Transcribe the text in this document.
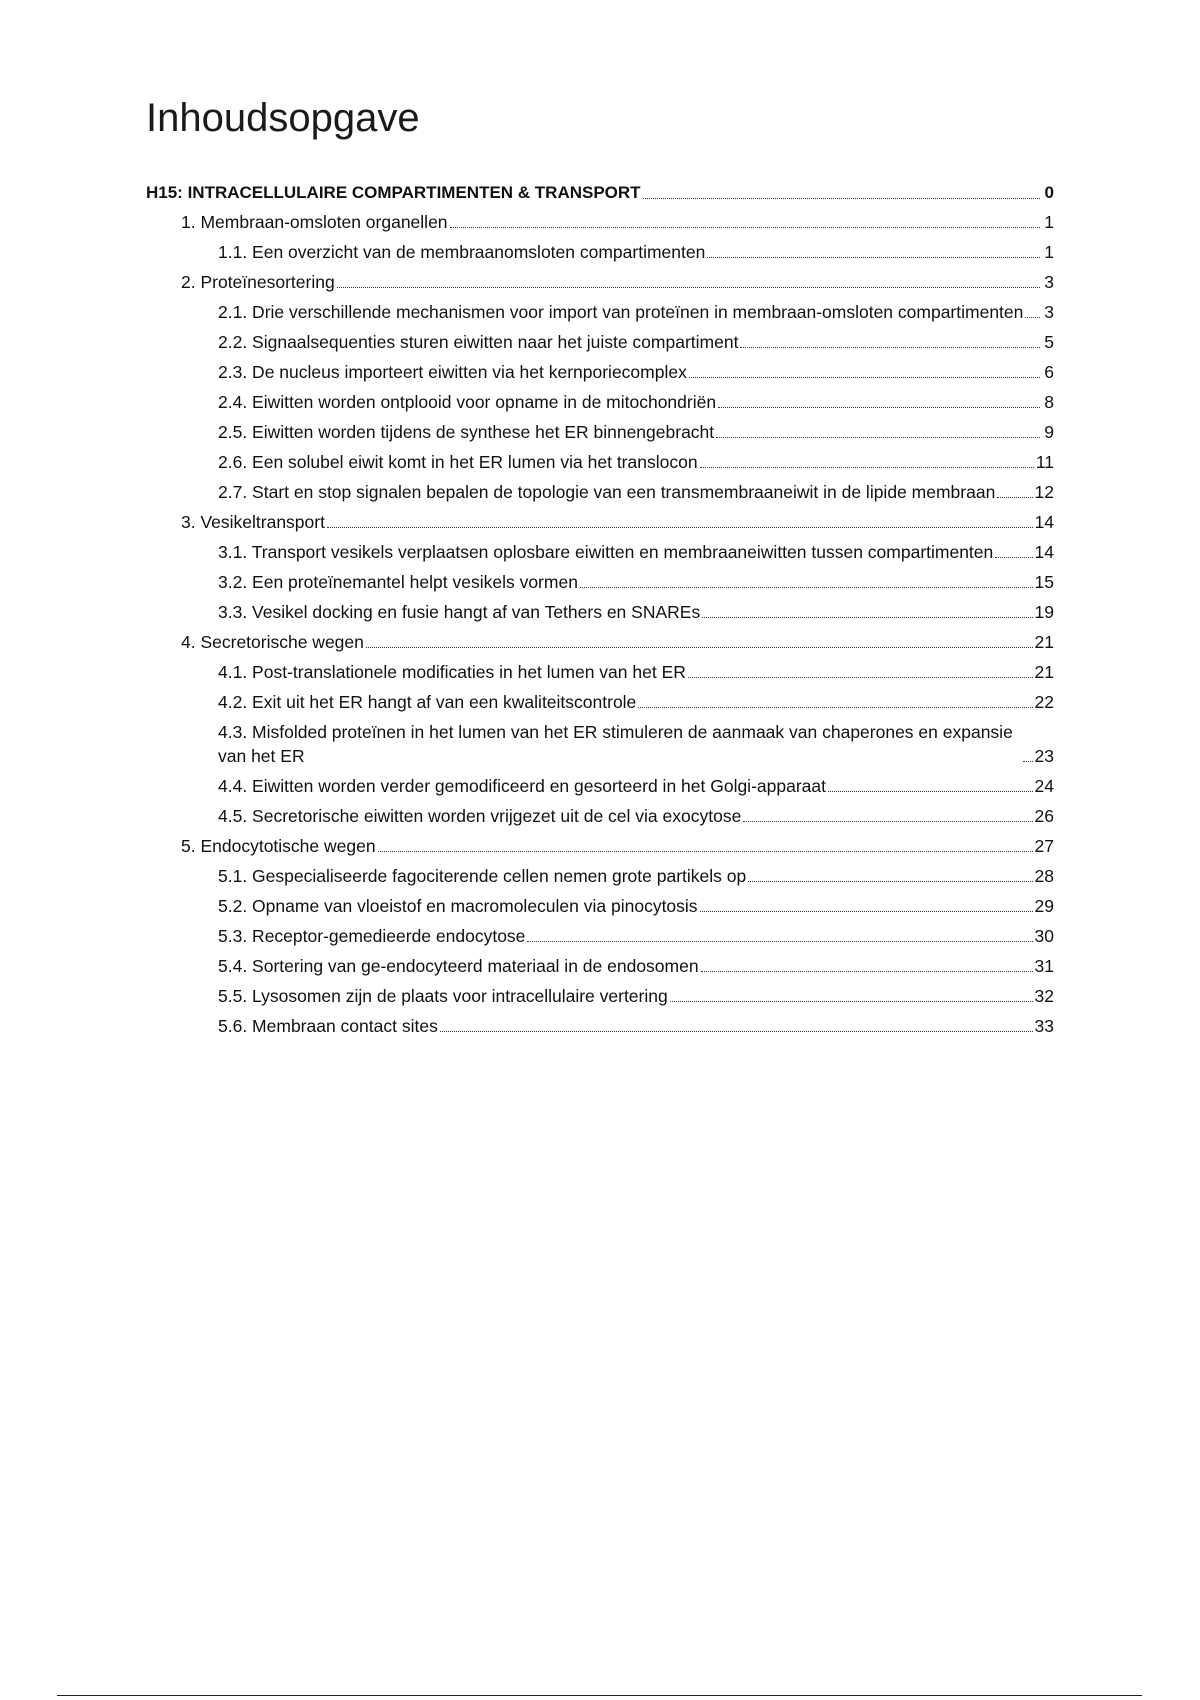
Inhoudsopgave
H15: INTRACELLULAIRE COMPARTIMENTEN & TRANSPORT	0
1. Membraan-omsloten organellen	1
1.1. Een overzicht van de membraanomsloten compartimenten	1
2. Proteïnesortering	3
2.1. Drie verschillende mechanismen voor import van proteïnen in membraan-omsloten compartimenten 3
2.2. Signaalsequenties sturen eiwitten naar het juiste compartiment	5
2.3. De nucleus importeert eiwitten via het kernporiecomplex	6
2.4. Eiwitten worden ontplooid voor opname in de mitochondriën	8
2.5. Eiwitten worden tijdens de synthese het ER binnengebracht	9
2.6. Een solubel eiwit komt in het ER lumen via het translocon	11
2.7. Start en stop signalen bepalen de topologie van een transmembraaneiwit in de lipide membraan 12
3. Vesikeltransport	14
3.1. Transport vesikels verplaatsen oplosbare eiwitten en membraaneiwitten tussen compartimenten 14
3.2. Een proteïnemantel helpt vesikels vormen	15
3.3. Vesikel docking en fusie hangt af van Tethers en SNAREs	19
4. Secretorische wegen	21
4.1. Post-translationele modificaties in het lumen van het ER	21
4.2. Exit uit het ER hangt af van een kwaliteitscontrole	22
4.3. Misfolded proteïnen in het lumen van het ER stimuleren de aanmaak van chaperones en expansie van het ER	23
4.4. Eiwitten worden verder gemodificeerd en gesorteerd in het Golgi-apparaat	24
4.5. Secretorische eiwitten worden vrijgezet uit de cel via exocytose	26
5. Endocytotische wegen	27
5.1. Gespecialiseerde fagociterende cellen nemen grote partikels op	28
5.2. Opname van vloeistof en macromoleculen via pinocytosis	29
5.3. Receptor-gemedieerde endocytose	30
5.4. Sortering van ge-endocyteerd materiaal in de endosomen	31
5.5. Lysosomen zijn de plaats voor intracellulaire vertering	32
5.6. Membraan contact sites	33
